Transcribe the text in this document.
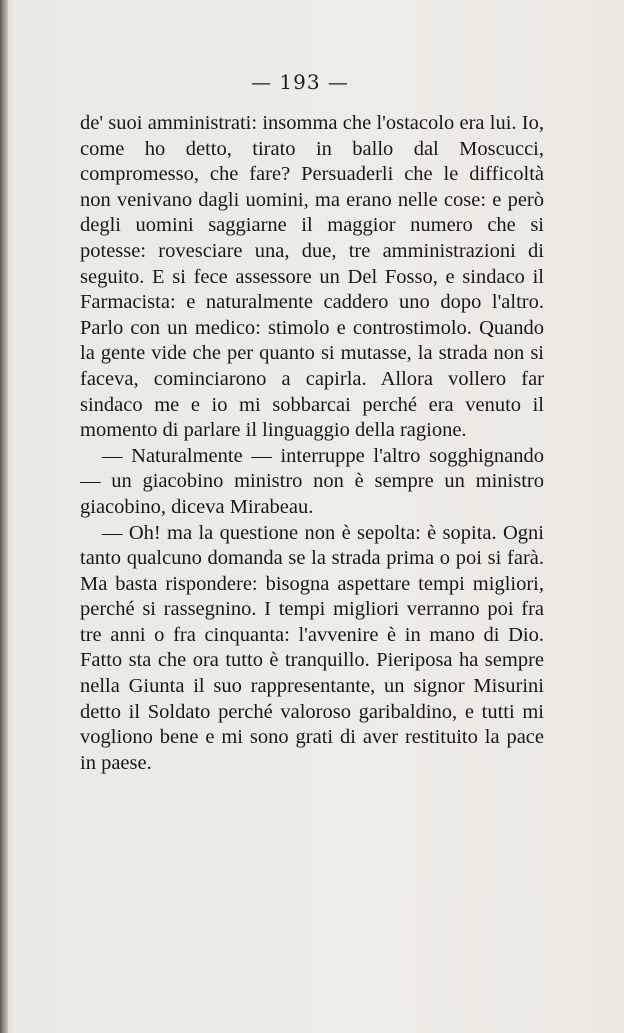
— 193 —

de' suoi amministrati: insomma che l'ostacolo era lui. Io, come ho detto, tirato in ballo dal Moscucci, compromesso, che fare? Persuaderli che le difficoltà non venivano dagli uomini, ma erano nelle cose: e però degli uomini saggiarne il maggior numero che si potesse: rovesciare una, due, tre amministrazioni di seguito. E si fece assessore un Del Fosso, e sindaco il Farmacista: e naturalmente caddero uno dopo l'altro. Parlo con un medico: stimolo e controstimolo. Quando la gente vide che per quanto si mutasse, la strada non si faceva, cominciarono a capirla. Allora vollero far sindaco me e io mi sobbarcai perché era venuto il momento di parlare il linguaggio della ragione.

— Naturalmente — interruppe l'altro sogghignando — un giacobino ministro non è sempre un ministro giacobino, diceva Mirabeau.

— Oh! ma la questione non è sepolta: è sopita. Ogni tanto qualcuno domanda se la strada prima o poi si farà. Ma basta rispondere: bisogna aspettare tempi migliori, perché si rassegnino. I tempi migliori verranno poi fra tre anni o fra cinquanta: l'avvenire è in mano di Dio. Fatto sta che ora tutto è tranquillo. Pieriposa ha sempre nella Giunta il suo rappresentante, un signor Misurini detto il Soldato perché valoroso garibaldino, e tutti mi vogliono bene e mi sono grati di aver restituito la pace in paese.
